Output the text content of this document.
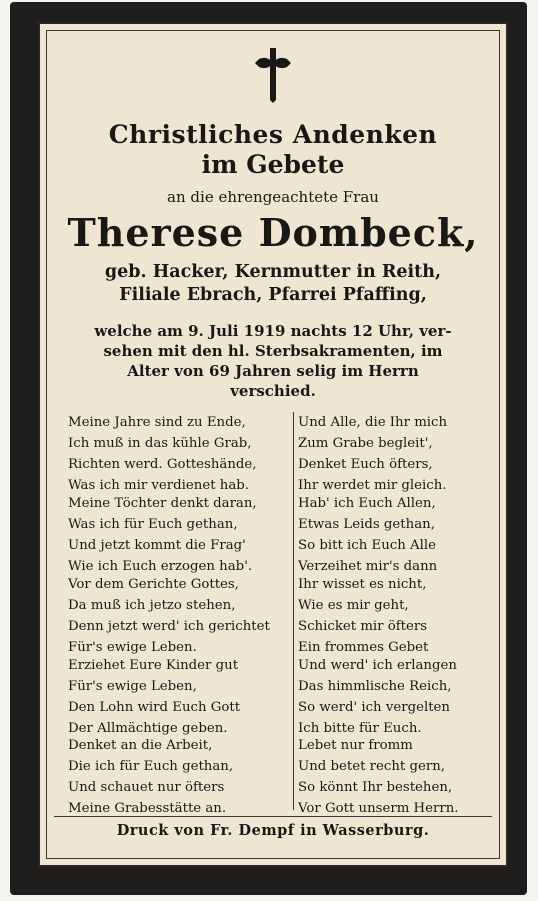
Christliches Andenken
im Gebete
an die ehrengeachtete Frau
Therese Dombeck,
geb. Hacker, Kernmutter in Reith,
Filiale Ebrach, Pfarrei Pfaffing,
welche am 9. Juli 1919 nachts 12 Uhr, ver-
sehen mit den hl. Sterbsakramenten, im
Alter von 69 Jahren selig im Herrn
verschied.
Meine Jahre sind zu Ende,
Ich muß in das kühle Grab,
Richten werd. Gotteshände,
Was ich mir verdienet hab.
Meine Töchter denkt daran,
Was ich für Euch gethan,
Und jetzt kommt die Frag'
Wie ich Euch erzogen hab'.
Vor dem Gerichte Gottes,
Da muß ich jetzo stehen,
Denn jetzt werd' ich gerichtet
Für's ewige Leben.
Erziehet Eure Kinder gut
Für's ewige Leben,
Den Lohn wird Euch Gott
Der Allmächtige geben.
Denket an die Arbeit,
Die ich für Euch gethan,
Und schauet nur öfters
Meine Grabesstätte an.
Und Alle, die Ihr mich
Zum Grabe begleit',
Denket Euch öfters,
Ihr werdet mir gleich.
Hab' ich Euch Allen,
Etwas Leids gethan,
So bitt ich Euch Alle
Verzeihet mir's dann
Ihr wisset es nicht,
Wie es mir geht,
Schicket mir öfters
Ein frommes Gebet
Und werd' ich erlangen
Das himmlische Reich,
So werd' ich vergelten
Ich bitte für Euch.
Lebet nur fromm
Und betet recht gern,
So könnt Ihr bestehen,
Vor Gott unserm Herrn.
Druck von Fr. Dempf in Wasserburg.
